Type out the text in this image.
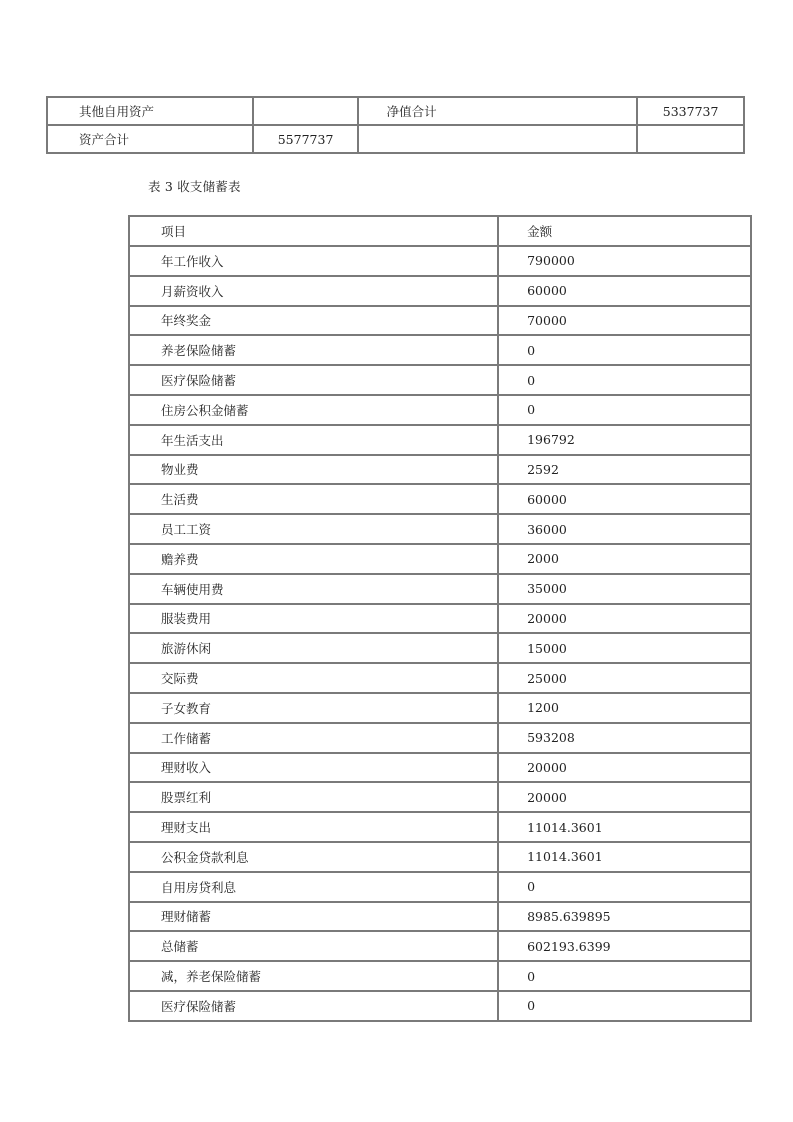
其他自用资产		净值合计	5337737
资产合计	5577737		
表 3 收支储蓄表
项目	金额
年工作收入	790000
月薪资收入	60000
年终奖金	70000
养老保险储蓄	0
医疗保险储蓄	0
住房公积金储蓄	0
年生活支出	196792
物业费	2592
生活费	60000
员工工资	36000
赡养费	2000
车辆使用费	35000
服装费用	20000
旅游休闲	15000
交际费	25000
子女教育	1200
工作储蓄	593208
理财收入	20000
股票红利	20000
理财支出	11014.3601
公积金贷款利息	11014.3601
自用房贷利息	0
理财储蓄	8985.639895
总储蓄	602193.6399
减，养老保险储蓄	0
医疗保险储蓄	0
